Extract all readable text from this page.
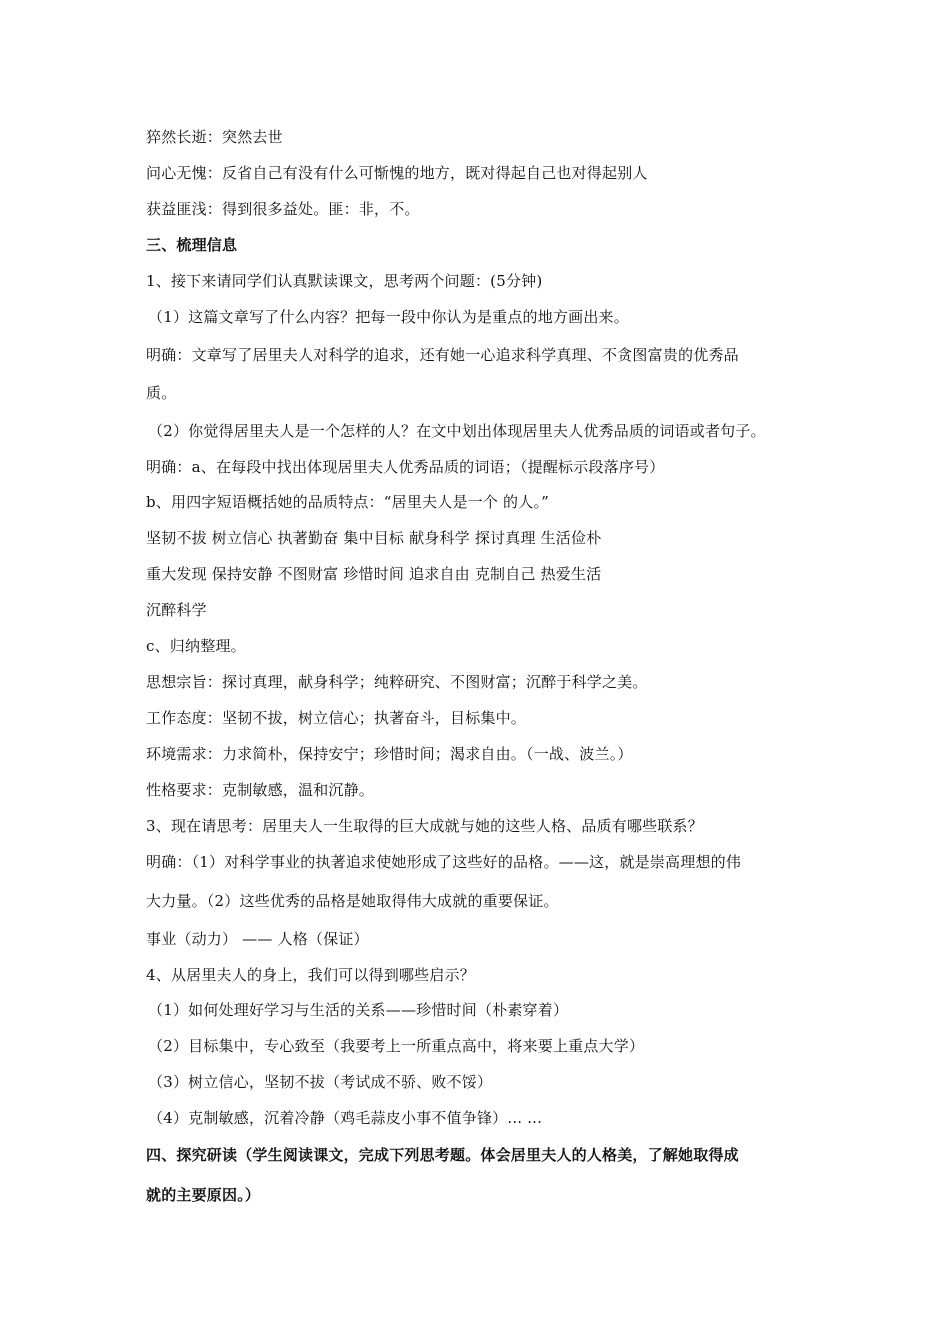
猝然长逝：突然去世
问心无愧：反省自己有没有什么可惭愧的地方，既对得起自己也对得起别人
获益匪浅：得到很多益处。匪：非，不。
三、梳理信息
1、接下来请同学们认真默读课文，思考两个问题：(5分钟)
（1）这篇文章写了什么内容？把每一段中你认为是重点的地方画出来。
明确：文章写了居里夫人对科学的追求，还有她一心追求科学真理、不贪图富贵的优秀品
质。
（2）你觉得居里夫人是一个怎样的人？在文中划出体现居里夫人优秀品质的词语或者句子。
明确：a、在每段中找出体现居里夫人优秀品质的词语；（提醒标示段落序号）
b、用四字短语概括她的品质特点：“居里夫人是一个 的人。”
坚韧不拔 树立信心 执著勤奋 集中目标 献身科学 探讨真理 生活俭朴
重大发现 保持安静 不图财富 珍惜时间 追求自由 克制自己 热爱生活
沉醉科学
c、归纳整理。
思想宗旨：探讨真理，献身科学；纯粹研究、不图财富；沉醉于科学之美。
工作态度：坚韧不拔，树立信心；执著奋斗，目标集中。
环境需求：力求简朴，保持安宁；珍惜时间；渴求自由。（一战、波兰。）
性格要求：克制敏感，温和沉静。
3、现在请思考：居里夫人一生取得的巨大成就与她的这些人格、品质有哪些联系？
明确：（1）对科学事业的执著追求使她形成了这些好的品格。——这，就是崇高理想的伟
大力量。（2）这些优秀的品格是她取得伟大成就的重要保证。
事业（动力） —— 人格（保证）
4、从居里夫人的身上，我们可以得到哪些启示？
（1）如何处理好学习与生活的关系——珍惜时间（朴素穿着）
（2）目标集中，专心致至（我要考上一所重点高中，将来要上重点大学）
（3）树立信心，坚韧不拔（考试成不骄、败不馁）
（4）克制敏感，沉着冷静（鸡毛蒜皮小事不值争锋）... ...
四、探究研读（学生阅读课文，完成下列思考题。体会居里夫人的人格美，了解她取得成
就的主要原因。）
